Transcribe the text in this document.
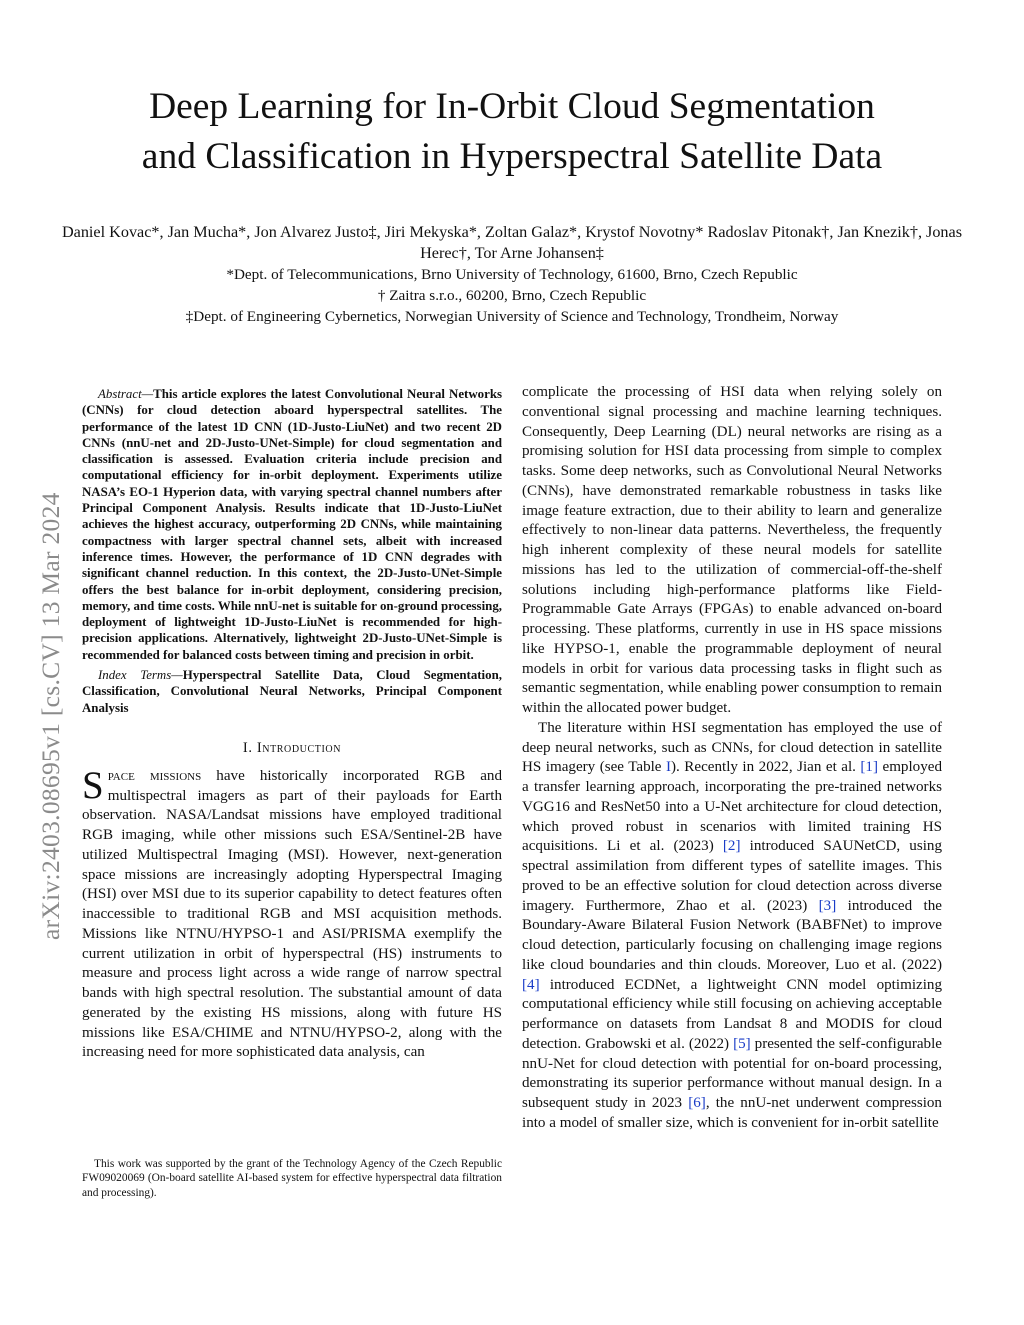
arXiv:2403.08695v1 [cs.CV] 13 Mar 2024
Deep Learning for In-Orbit Cloud Segmentation
and Classification in Hyperspectral Satellite Data
Daniel Kovac*, Jan Mucha*, Jon Alvarez Justo‡, Jiri Mekyska*, Zoltan Galaz*, Krystof Novotny* Radoslav Pitonak†, Jan Knezik†, Jonas Herec†, Tor Arne Johansen‡
*Dept. of Telecommunications, Brno University of Technology, 61600, Brno, Czech Republic
† Zaitra s.r.o., 60200, Brno, Czech Republic
‡Dept. of Engineering Cybernetics, Norwegian University of Science and Technology, Trondheim, Norway

Abstract—This article explores the latest Convolutional Neural Networks (CNNs) for cloud detection aboard hyperspectral satellites. The performance of the latest 1D CNN (1D-Justo-LiuNet) and two recent 2D CNNs (nnU-net and 2D-Justo-UNet-Simple) for cloud segmentation and classification is assessed. Evaluation criteria include precision and computational efficiency for in-orbit deployment. Experiments utilize NASA’s EO-1 Hyperion data, with varying spectral channel numbers after Principal Component Analysis. Results indicate that 1D-Justo-LiuNet achieves the highest accuracy, outperforming 2D CNNs, while maintaining compactness with larger spectral channel sets, albeit with increased inference times. However, the performance of 1D CNN degrades with significant channel reduction. In this context, the 2D-Justo-UNet-Simple offers the best balance for in-orbit deployment, considering precision, memory, and time costs. While nnU-net is suitable for on-ground processing, deployment of lightweight 1D-Justo-LiuNet is recommended for high-precision applications. Alternatively, lightweight 2D-Justo-UNet-Simple is recommended for balanced costs between timing and precision in orbit.

Index Terms—Hyperspectral Satellite Data, Cloud Segmentation, Classification, Convolutional Neural Networks, Principal Component Analysis

I. Introduction

Space missions have historically incorporated RGB and multispectral imagers as part of their payloads for Earth observation. NASA/Landsat missions have employed traditional RGB imaging, while other missions such ESA/Sentinel-2B have utilized Multispectral Imaging (MSI). However, next-generation space missions are increasingly adopting Hyperspectral Imaging (HSI) over MSI due to its superior capability to detect features often inaccessible to traditional RGB and MSI acquisition methods. Missions like NTNU/HYPSO-1 and ASI/PRISMA exemplify the current utilization in orbit of hyperspectral (HS) instruments to measure and process light across a wide range of narrow spectral bands with high spectral resolution. The substantial amount of data generated by the existing HS missions, along with future HS missions like ESA/CHIME and NTNU/HYPSO-2, along with the increasing need for more sophisticated data analysis, can

This work was supported by the grant of the Technology Agency of the Czech Republic FW09020069 (On-board satellite AI-based system for effective hyperspectral data filtration and processing).

complicate the processing of HSI data when relying solely on conventional signal processing and machine learning techniques. Consequently, Deep Learning (DL) neural networks are rising as a promising solution for HSI data processing from simple to complex tasks. Some deep networks, such as Convolutional Neural Networks (CNNs), have demonstrated remarkable robustness in tasks like image feature extraction, due to their ability to learn and generalize effectively to non-linear data patterns. Nevertheless, the frequently high inherent complexity of these neural models for satellite missions has led to the utilization of commercial-off-the-shelf solutions including high-performance platforms like Field-Programmable Gate Arrays (FPGAs) to enable advanced on-board processing. These platforms, currently in use in HS space missions like HYPSO-1, enable the programmable deployment of neural models in orbit for various data processing tasks in flight such as semantic segmentation, while enabling power consumption to remain within the allocated power budget.

The literature within HSI segmentation has employed the use of deep neural networks, such as CNNs, for cloud detection in satellite HS imagery (see Table I). Recently in 2022, Jian et al. [1] employed a transfer learning approach, incorporating the pre-trained networks VGG16 and ResNet50 into a U-Net architecture for cloud detection, which proved robust in scenarios with limited training HS acquisitions. Li et al. (2023) [2] introduced SAUNetCD, using spectral assimilation from different types of satellite images. This proved to be an effective solution for cloud detection across diverse imagery. Furthermore, Zhao et al. (2023) [3] introduced the Boundary-Aware Bilateral Fusion Network (BABFNet) to improve cloud detection, particularly focusing on challenging image regions like cloud boundaries and thin clouds. Moreover, Luo et al. (2022) [4] introduced ECDNet, a lightweight CNN model optimizing computational efficiency while still focusing on achieving acceptable performance on datasets from Landsat 8 and MODIS for cloud detection. Grabowski et al. (2022) [5] presented the self-configurable nnU-Net for cloud detection with potential for on-board processing, demonstrating its superior performance without manual design. In a subsequent study in 2023 [6], the nnU-net underwent compression into a model of smaller size, which is convenient for in-orbit satellite
